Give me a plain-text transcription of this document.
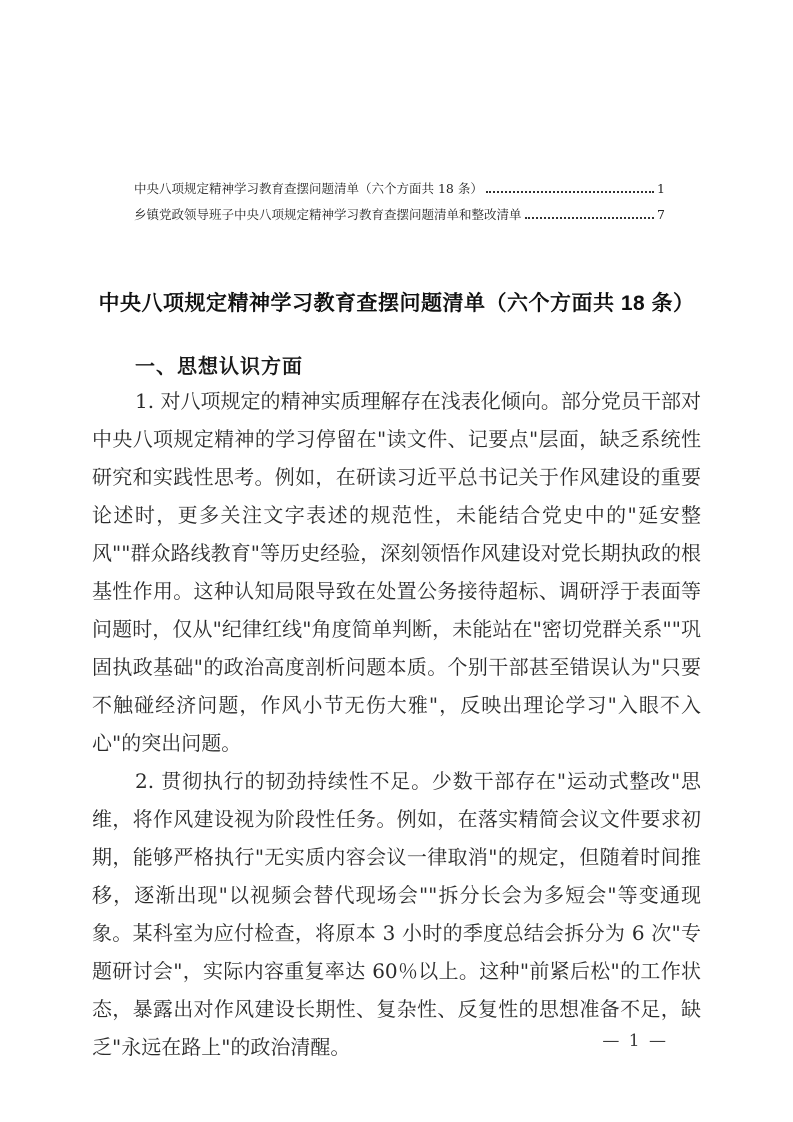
中央八项规定精神学习教育查摆问题清单（六个方面共 18 条）	1
乡镇党政领导班子中央八项规定精神学习教育查摆问题清单和整改清单	7
中央八项规定精神学习教育查摆问题清单（六个方面共 18 条）
一、思想认识方面

1. 对八项规定的精神实质理解存在浅表化倾向。部分党员干部对中央八项规定精神的学习停留在"读文件、记要点"层面，缺乏系统性研究和实践性思考。例如，在研读习近平总书记关于作风建设的重要论述时，更多关注文字表述的规范性，未能结合党史中的"延安整风""群众路线教育"等历史经验，深刻领悟作风建设对党长期执政的根基性作用。这种认知局限导致在处置公务接待超标、调研浮于表面等问题时，仅从"纪律红线"角度简单判断，未能站在"密切党群关系""巩固执政基础"的政治高度剖析问题本质。个别干部甚至错误认为"只要不触碰经济问题，作风小节无伤大雅"，反映出理论学习"入眼不入心"的突出问题。

2. 贯彻执行的韧劲持续性不足。少数干部存在"运动式整改"思维，将作风建设视为阶段性任务。例如，在落实精简会议文件要求初期，能够严格执行"无实质内容会议一律取消"的规定，但随着时间推移，逐渐出现"以视频会替代现场会""拆分长会为多短会"等变通现象。某科室为应付检查，将原本 3 小时的季度总结会拆分为 6 次"专题研讨会"，实际内容重复率达 60％以上。这种"前紧后松"的工作状态，暴露出对作风建设长期性、复杂性、反复性的思想准备不足，缺乏"永远在路上"的政治清醒。	— 1 —
